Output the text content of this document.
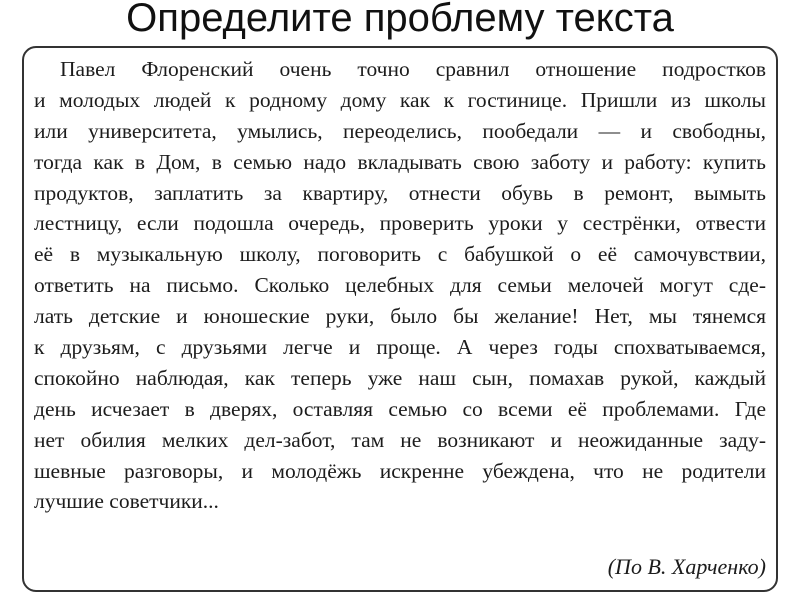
Определите проблему текста
Павел Флоренский очень точно сравнил отношение подростков
и молодых людей к родному дому как к гостинице. Пришли из школы
или университета, умылись, переоделись, пообедали — и свободны,
тогда как в Дом, в семью надо вкладывать свою заботу и работу: купить
продуктов, заплатить за квартиру, отнести обувь в ремонт, вымыть
лестницу, если подошла очередь, проверить уроки у сестрёнки, отвести
её в музыкальную школу, поговорить с бабушкой о её самочувствии,
ответить на письмо. Сколько целебных для семьи мелочей могут сде-
лать детские и юношеские руки, было бы желание! Нет, мы тянемся
к друзьям, с друзьями легче и проще. А через годы спохватываемся,
спокойно наблюдая, как теперь уже наш сын, помахав рукой, каждый
день исчезает в дверях, оставляя семью со всеми её проблемами. Где
нет обилия мелких дел-забот, там не возникают и неожиданные заду-
шевные разговоры, и молодёжь искренне убеждена, что не родители
лучшие советчики...
(По В. Харченко)
